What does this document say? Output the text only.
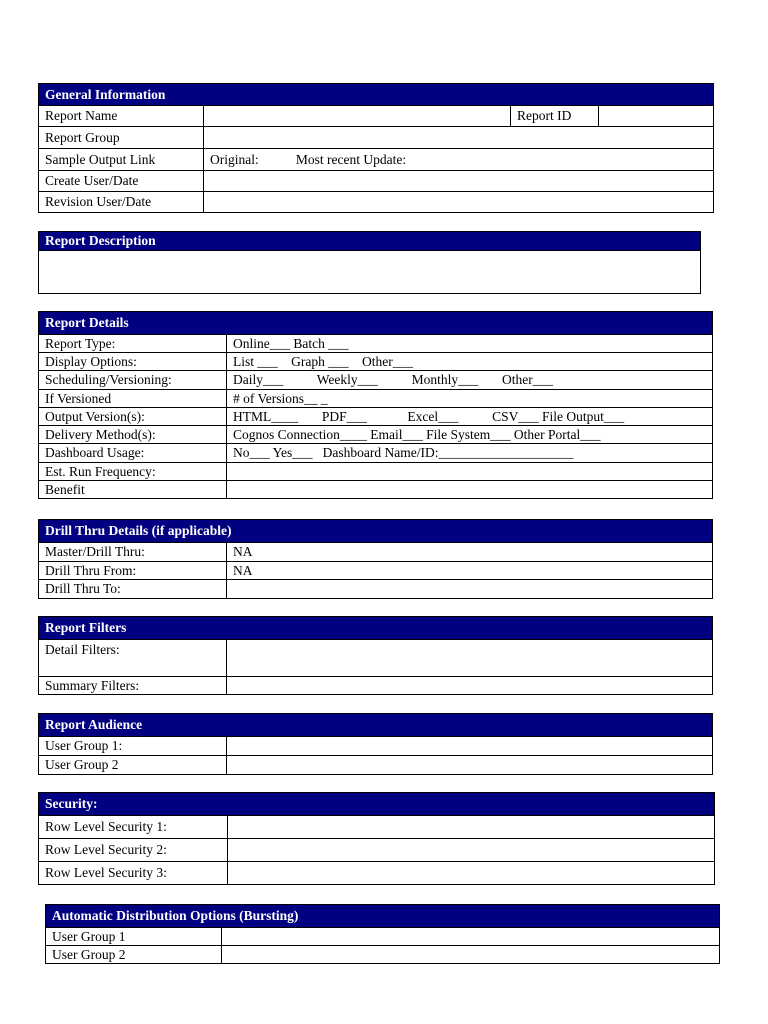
General Information			
Report Name		Report ID	
Report Group			
Sample Output Link	Original:           Most recent Update:		
Create User/Date			
Revision User/Date			
Report Description

Report Details	
Report Type:	Online___ Batch ___
Display Options:	List ___    Graph ___    Other___
Scheduling/Versioning:	Daily___          Weekly___          Monthly___       Other___
If Versioned	# of Versions__ _
Output Version(s):	HTML____       PDF___            Excel___          CSV___ File Output___
Delivery Method(s):	Cognos Connection____ Email___ File System___ Other Portal___
Dashboard Usage:	No___ Yes___   Dashboard Name/ID:____________________
Est. Run Frequency:	
Benefit	
Drill Thru Details (if applicable)	
Master/Drill Thru:	NA
Drill Thru From:	NA
Drill Thru To:	
Report Filters	
Detail Filters:	
Summary Filters:	
Report Audience	
User Group 1:	
User Group 2	
Security:	
Row Level Security 1:	
Row Level Security 2:	
Row Level Security 3:	
Automatic Distribution Options (Bursting)	
User Group 1	
User Group 2	
